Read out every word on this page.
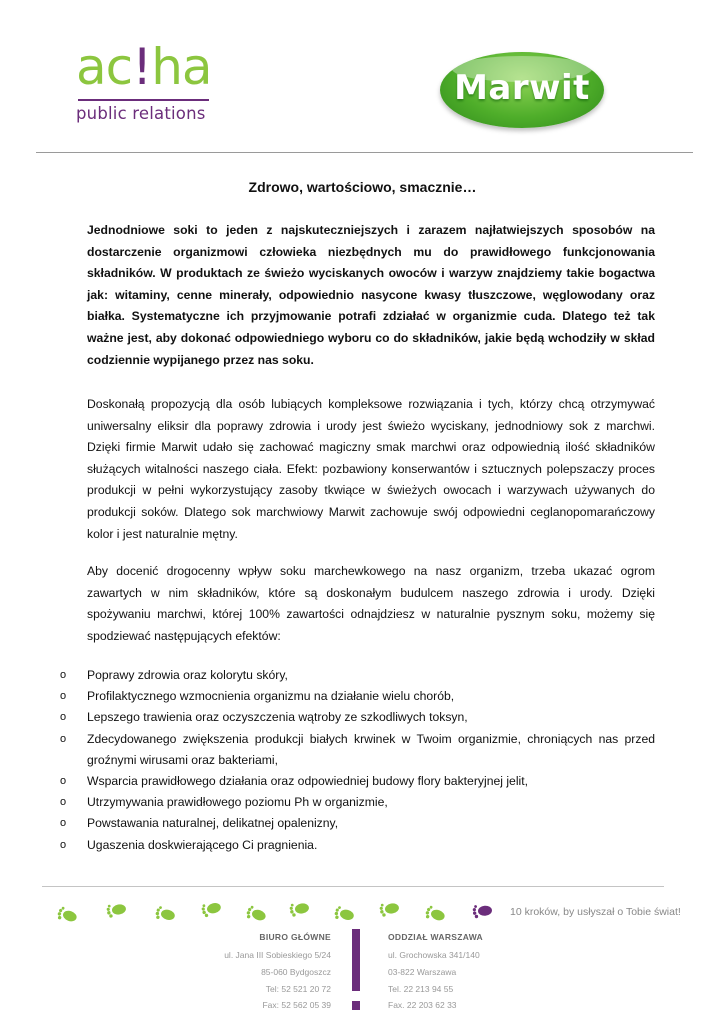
ac!ha
public relations
Marwit
Zdrowo, wartościowo, smacznie…

Jednodniowe soki to jeden z najskuteczniejszych i zarazem najłatwiejszych sposobów na dostarczenie organizmowi człowieka niezbędnych mu do prawidłowego funkcjonowania składników. W produktach ze świeżo wyciskanych owoców i warzyw znajdziemy takie bogactwa jak: witaminy, cenne minerały, odpowiednio nasycone kwasy tłuszczowe, węglowodany oraz białka. Systematyczne ich przyjmowanie potrafi zdziałać w organizmie cuda. Dlatego też tak ważne jest, aby dokonać odpowiedniego wyboru co do składników, jakie będą wchodziły w skład codziennie wypijanego przez nas soku.

Doskonałą propozycją dla osób lubiących kompleksowe rozwiązania i tych, którzy chcą otrzymywać uniwersalny eliksir dla poprawy zdrowia i urody jest świeżo wyciskany, jednodniowy sok z marchwi. Dzięki firmie Marwit udało się zachować magiczny smak marchwi oraz odpowiednią ilość składników służących witalności naszego ciała. Efekt: pozbawiony konserwantów i sztucznych polepszaczy proces produkcji w pełni wykorzystujący zasoby tkwiące w świeżych owocach i warzywach używanych do produkcji soków. Dlatego sok marchwiowy Marwit zachowuje swój odpowiedni ceglanopomarańczowy kolor i jest naturalnie mętny.

Aby docenić drogocenny wpływ soku marchewkowego na nasz organizm, trzeba ukazać ogrom zawartych w nim składników, które są doskonałym budulcem naszego zdrowia i urody. Dzięki spożywaniu marchwi, której 100% zawartości odnajdziesz w naturalnie pysznym soku, możemy się spodziewać następujących efektów:

o Poprawy zdrowia oraz kolorytu skóry,
o Profilaktycznego wzmocnienia organizmu na działanie wielu chorób,
o Lepszego trawienia oraz oczyszczenia wątroby ze szkodliwych toksyn,
o Zdecydowanego zwiększenia produkcji białych krwinek w Twoim organizmie, chroniących nas przed groźnymi wirusami oraz bakteriami,
o Wsparcia prawidłowego działania oraz odpowiedniej budowy flory bakteryjnej jelit,
o Utrzymywania prawidłowego poziomu Ph w organizmie,
o Powstawania naturalnej, delikatnej opalenizny,
o Ugaszenia doskwierającego Ci pragnienia.
10 kroków, by usłyszał o Tobie świat!
BIURO GŁÓWNE
ul. Jana III Sobieskiego 5/24
85-060 Bydgoszcz
Tel: 52 521 20 72
Fax: 52 562 05 39
ODDZIAŁ WARSZAWA
ul. Grochowska 341/140
03-822 Warszawa
Tel. 22 213 94 55
Fax. 22 203 62 33
